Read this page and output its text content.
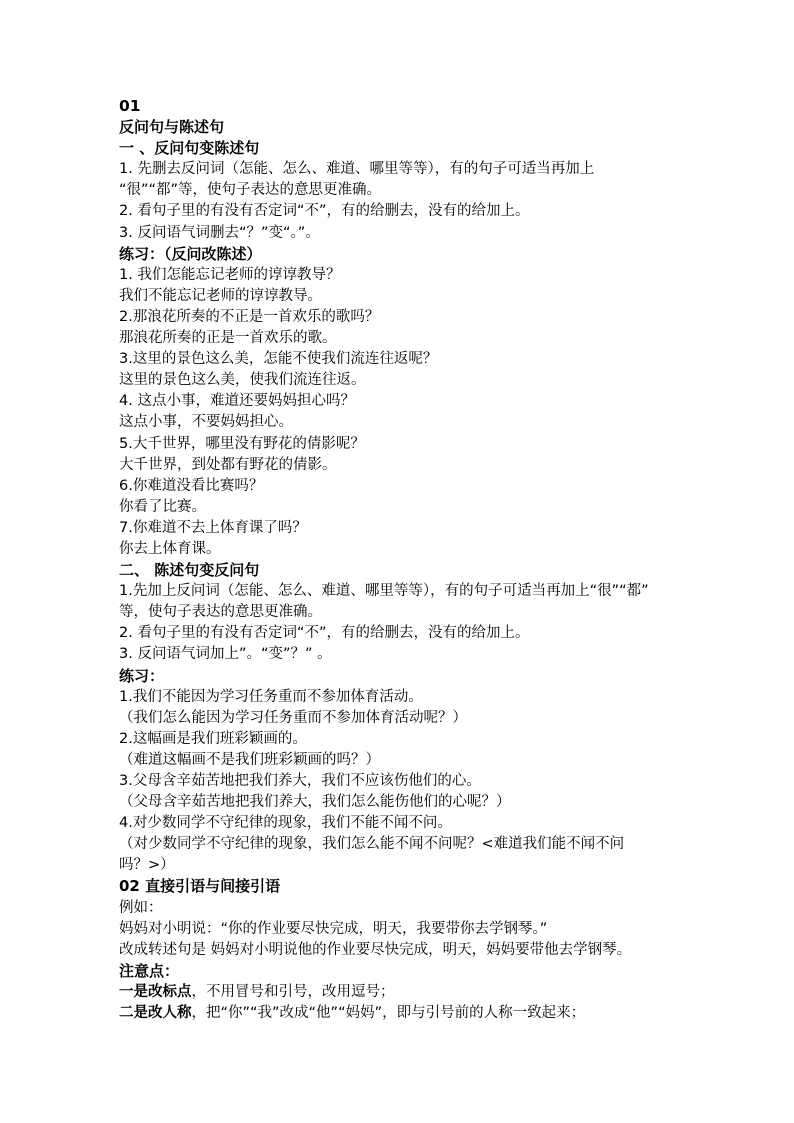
01
反问句与陈述句
一 、反问句变陈述句
1. 先删去反问词（怎能、怎么、难道、哪里等等），有的句子可适当再加上
“很”“都”等，使句子表达的意思更准确。
2. 看句子里的有没有否定词“不”，有的给删去，没有的给加上。
3. 反问语气词删去“？”变“。”。
练习：（反问改陈述）
1. 我们怎能忘记老师的谆谆教导？
我们不能忘记老师的谆谆教导。
2.那浪花所奏的不正是一首欢乐的歌吗？
那浪花所奏的正是一首欢乐的歌。
3.这里的景色这么美，怎能不使我们流连往返呢？
这里的景色这么美，使我们流连往返。
4. 这点小事，难道还要妈妈担心吗？
这点小事，不要妈妈担心。
5.大千世界，哪里没有野花的倩影呢？
大千世界，到处都有野花的倩影。
6.你难道没看比赛吗？
你看了比赛。
7.你难道不去上体育课了吗？
你去上体育课。
二、 陈述句变反问句
1.先加上反问词（怎能、怎么、难道、哪里等等），有的句子可适当再加上“很”“都”
等，使句子表达的意思更准确。
2. 看句子里的有没有否定词“不”，有的给删去，没有的给加上。
3. 反问语气词加上”。“变”？” 。
练习：
1.我们不能因为学习任务重而不参加体育活动。
（我们怎么能因为学习任务重而不参加体育活动呢？）
2.这幅画是我们班彩颖画的。
（难道这幅画不是我们班彩颖画的吗？）
3.父母含辛茹苦地把我们养大，我们不应该伤他们的心。
（父母含辛茹苦地把我们养大，我们怎么能伤他们的心呢？）
4.对少数同学不守纪律的现象，我们不能不闻不问。
（对少数同学不守纪律的现象，我们怎么能不闻不问呢？<难道我们能不闻不问
吗？>）
02 直接引语与间接引语
例如：
妈妈对小明说：“你的作业要尽快完成，明天，我要带你去学钢琴。”
改成转述句是 妈妈对小明说他的作业要尽快完成，明天，妈妈要带他去学钢琴。
注意点：
一是改标点，不用冒号和引号，改用逗号；
二是改人称，把“你”“我”改成“他”“妈妈”，即与引号前的人称一致起来；
